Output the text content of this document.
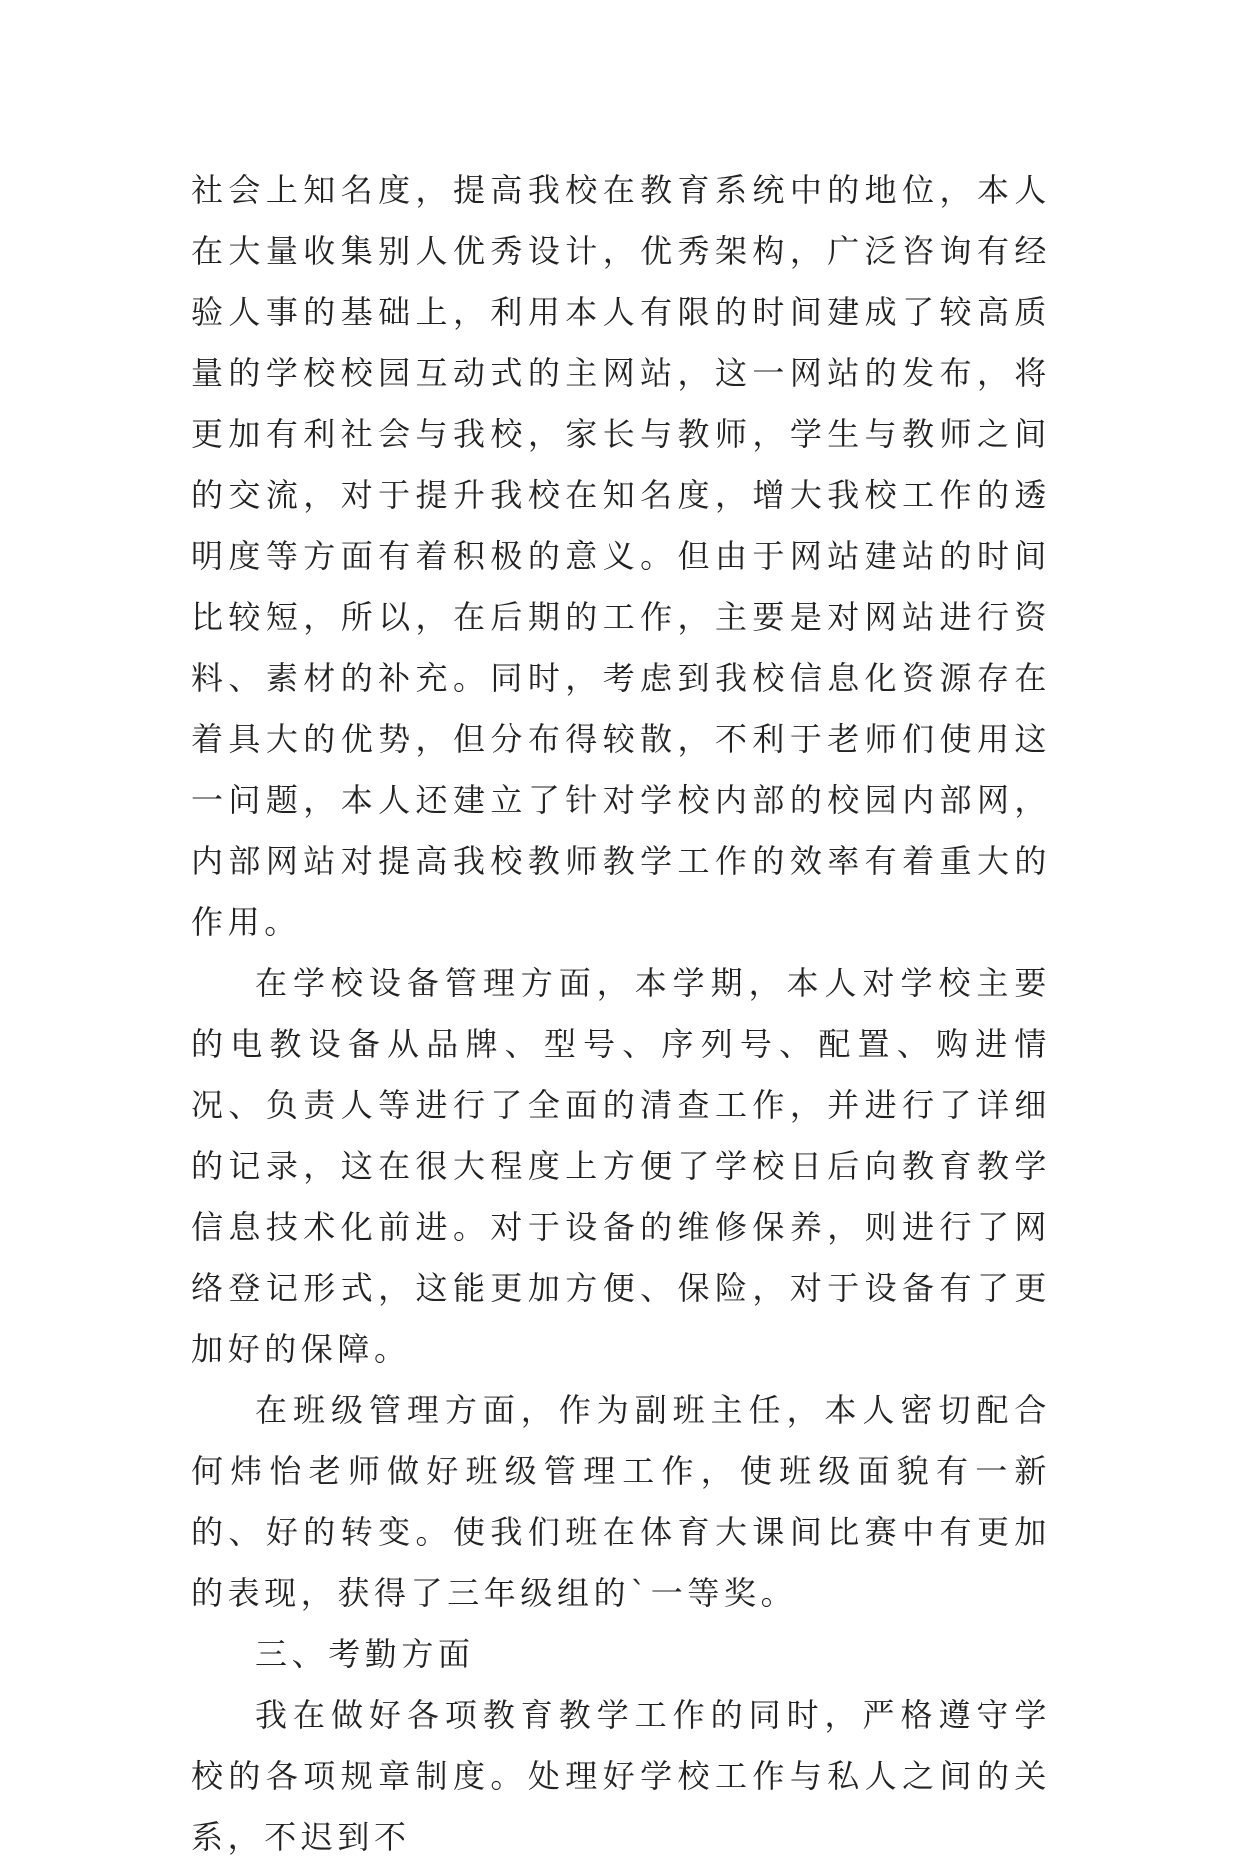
社会上知名度，提高我校在教育系统中的地位，本人在大量收集别人优秀设计，优秀架构，广泛咨询有经验人事的基础上，利用本人有限的时间建成了较高质量的学校校园互动式的主网站，这一网站的发布，将更加有利社会与我校，家长与教师，学生与教师之间的交流，对于提升我校在知名度，增大我校工作的透明度等方面有着积极的意义。但由于网站建站的时间比较短，所以，在后期的工作，主要是对网站进行资料、素材的补充。同时，考虑到我校信息化资源存在着具大的优势，但分布得较散，不利于老师们使用这一问题，本人还建立了针对学校内部的校园内部网，内部网站对提高我校教师教学工作的效率有着重大的作用。

在学校设备管理方面，本学期，本人对学校主要的电教设备从品牌、型号、序列号、配置、购进情况、负责人等进行了全面的清查工作，并进行了详细的记录，这在很大程度上方便了学校日后向教育教学信息技术化前进。对于设备的维修保养，则进行了网络登记形式，这能更加方便、保险，对于设备有了更加好的保障。

在班级管理方面，作为副班主任，本人密切配合何炜怡老师做好班级管理工作，使班级面貌有一新的、好的转变。使我们班在体育大课间比赛中有更加的表现，获得了三年级组的`一等奖。

三、考勤方面

我在做好各项教育教学工作的同时，严格遵守学校的各项规章制度。处理好学校工作与私人之间的关系，不迟到不
